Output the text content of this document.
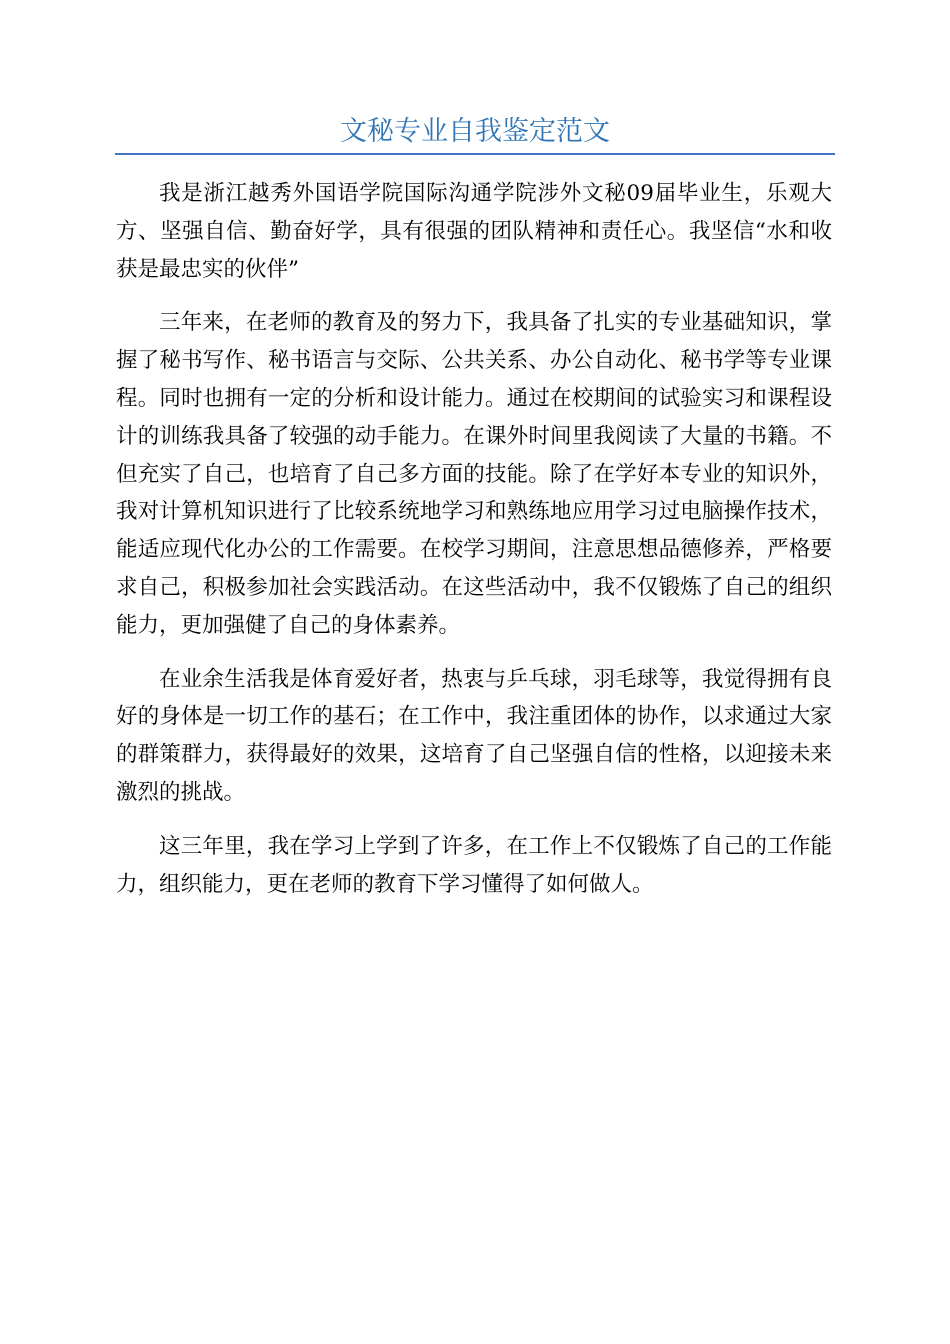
文秘专业自我鉴定范文

我是浙江越秀外国语学院国际沟通学院涉外文秘09届毕业生，乐观大方、坚强自信、勤奋好学，具有很强的团队精神和责任心。我坚信“水和收获是最忠实的伙伴”

三年来，在老师的教育及的努力下，我具备了扎实的专业基础知识，掌握了秘书写作、秘书语言与交际、公共关系、办公自动化、秘书学等专业课程。同时也拥有一定的分析和设计能力。通过在校期间的试验实习和课程设计的训练我具备了较强的动手能力。在课外时间里我阅读了大量的书籍。不但充实了自己，也培育了自己多方面的技能。除了在学好本专业的知识外，我对计算机知识进行了比较系统地学习和熟练地应用学习过电脑操作技术，能适应现代化办公的工作需要。在校学习期间，注意思想品德修养，严格要求自己，积极参加社会实践活动。在这些活动中，我不仅锻炼了自己的组织能力，更加强健了自己的身体素养。

在业余生活我是体育爱好者，热衷与乒乓球，羽毛球等，我觉得拥有良好的身体是一切工作的基石；在工作中，我注重团体的协作，以求通过大家的群策群力，获得最好的效果，这培育了自己坚强自信的性格，以迎接未来激烈的挑战。

这三年里，我在学习上学到了许多，在工作上不仅锻炼了自己的工作能力，组织能力，更在老师的教育下学习懂得了如何做人。
